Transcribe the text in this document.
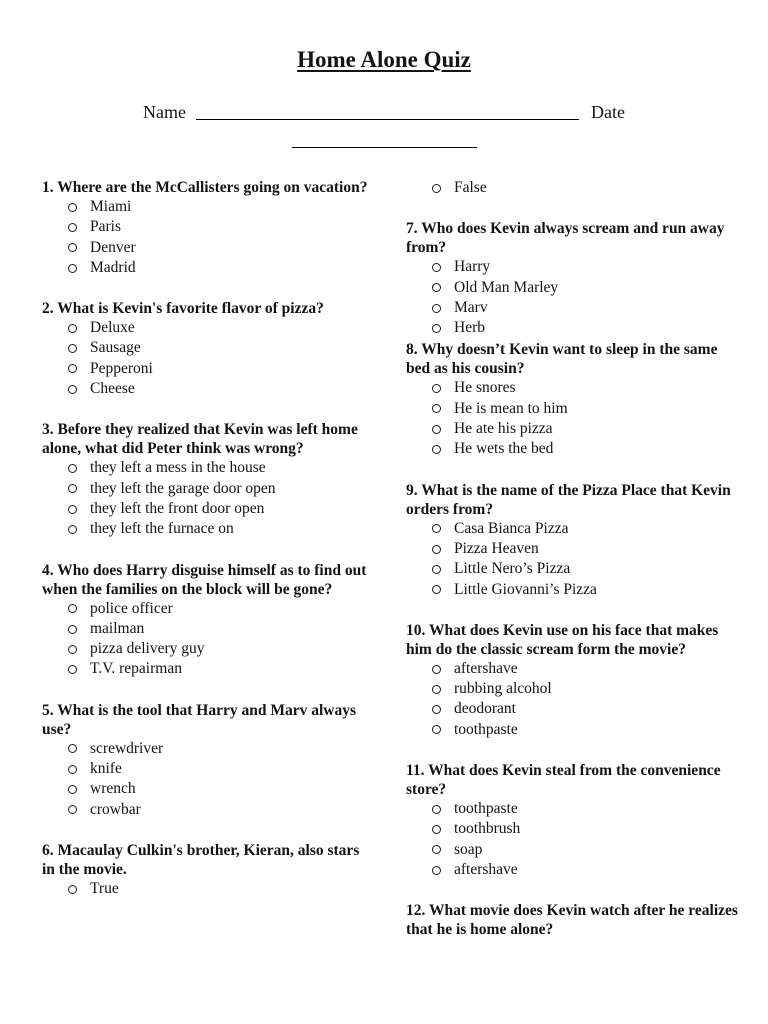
Home Alone Quiz
Name	Date
1. Where are the McCallisters going on vacation?
Miami
Paris
Denver
Madrid
2. What is Kevin's favorite flavor of pizza?
Deluxe
Sausage
Pepperoni
Cheese
3. Before they realized that Kevin was left home alone, what did Peter think was wrong?
they left a mess in the house
they left the garage door open
they left the front door open
they left the furnace on
4. Who does Harry disguise himself as to find out when the families on the block will be gone?
police officer
mailman
pizza delivery guy
T.V. repairman
5. What is the tool that Harry and Marv always use?
screwdriver
knife
wrench
crowbar
6. Macaulay Culkin's brother, Kieran, also stars in the movie.
True
False
7. Who does Kevin always scream and run away from?
Harry
Old Man Marley
Marv
Herb
8. Why doesn’t Kevin want to sleep in the same bed as his cousin?
He snores
He is mean to him
He ate his pizza
He wets the bed
9. What is the name of the Pizza Place that Kevin orders from?
Casa Bianca Pizza
Pizza Heaven
Little Nero’s Pizza
Little Giovanni’s Pizza
10. What does Kevin use on his face that makes him do the classic scream form the movie?
aftershave
rubbing alcohol
deodorant
toothpaste
11. What does Kevin steal from the convenience store?
toothpaste
toothbrush
soap
aftershave
12. What movie does Kevin watch after he realizes that he is home alone?
